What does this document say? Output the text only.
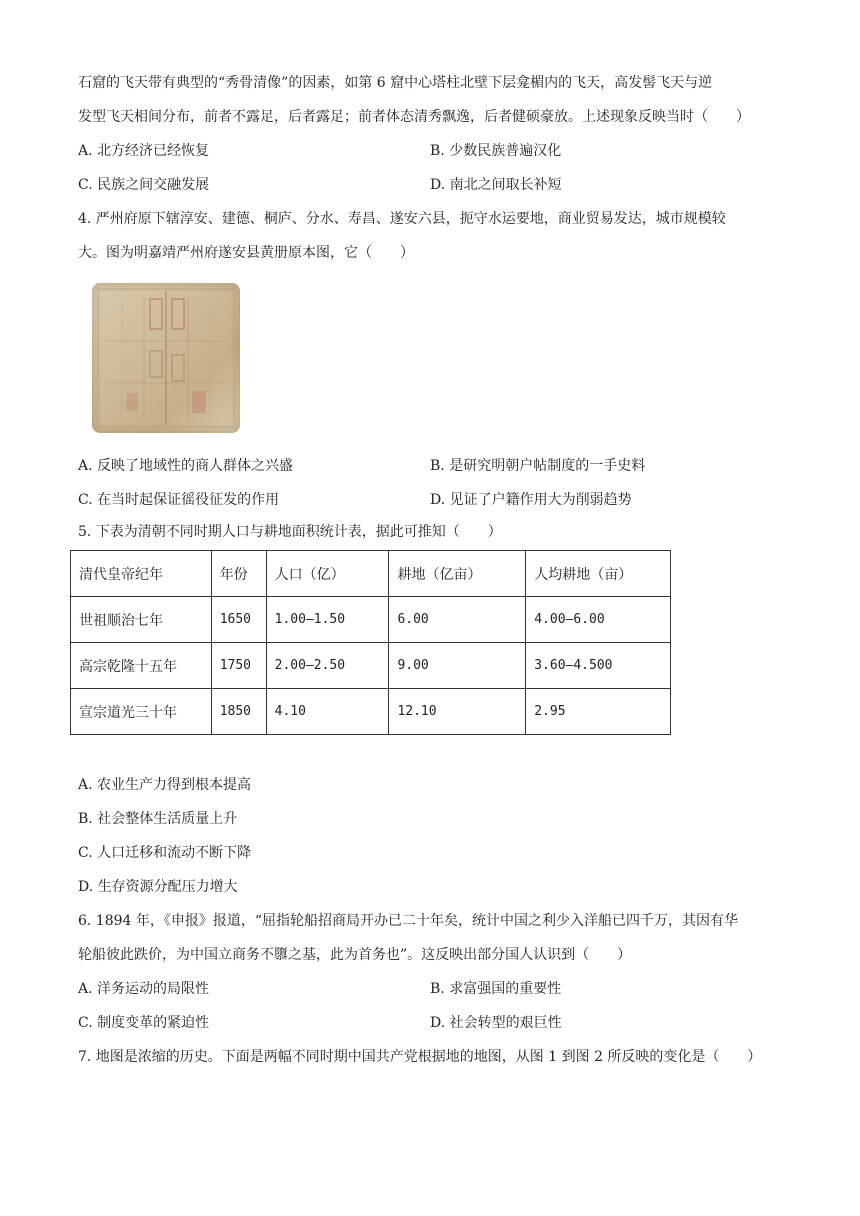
石窟的飞天带有典型的“秀骨清像”的因素，如第 6 窟中心塔柱北壁下层龛楣内的飞天，高发髻飞天与逆
发型飞天相间分布，前者不露足，后者露足；前者体态清秀飘逸，后者健硕豪放。上述现象反映当时（　　）
A. 北方经济已经恢复	B. 少数民族普遍汉化
C. 民族之间交融发展	D. 南北之间取长补短
4. 严州府原下辖淳安、建德、桐庐、分水、寿昌、遂安六县，扼守水运要地，商业贸易发达，城市规模较
大。图为明嘉靖严州府遂安县黄册原本图，它（　　）
A. 反映了地域性的商人群体之兴盛	B. 是研究明朝户帖制度的一手史料
C. 在当时起保证徭役征发的作用	D. 见证了户籍作用大为削弱趋势
5. 下表为清朝不同时期人口与耕地面积统计表，据此可推知（　　）
清代皇帝纪年	年份	人口（亿）	耕地（亿亩）	人均耕地（亩）
世祖顺治七年	1650	1.00—1.50	6.00	4.00—6.00
高宗乾隆十五年	1750	2.00—2.50	9.00	3.60—4.500
宣宗道光三十年	1850	4.10	12.10	2.95
A. 农业生产力得到根本提高
B. 社会整体生活质量上升
C. 人口迁移和流动不断下降
D. 生存资源分配压力增大
6. 1894 年，《申报》报道，“屈指轮船招商局开办已二十年矣，统计中国之利少入洋船已四千万，其因有华
轮船彼此跌价，为中国立商务不隳之基，此为首务也”。这反映出部分国人认识到（　　）
A. 洋务运动的局限性	B. 求富强国的重要性
C. 制度变革的紧迫性	D. 社会转型的艰巨性
7. 地图是浓缩的历史。下面是两幅不同时期中国共产党根据地的地图，从图 1 到图 2 所反映的变化是（　　）
